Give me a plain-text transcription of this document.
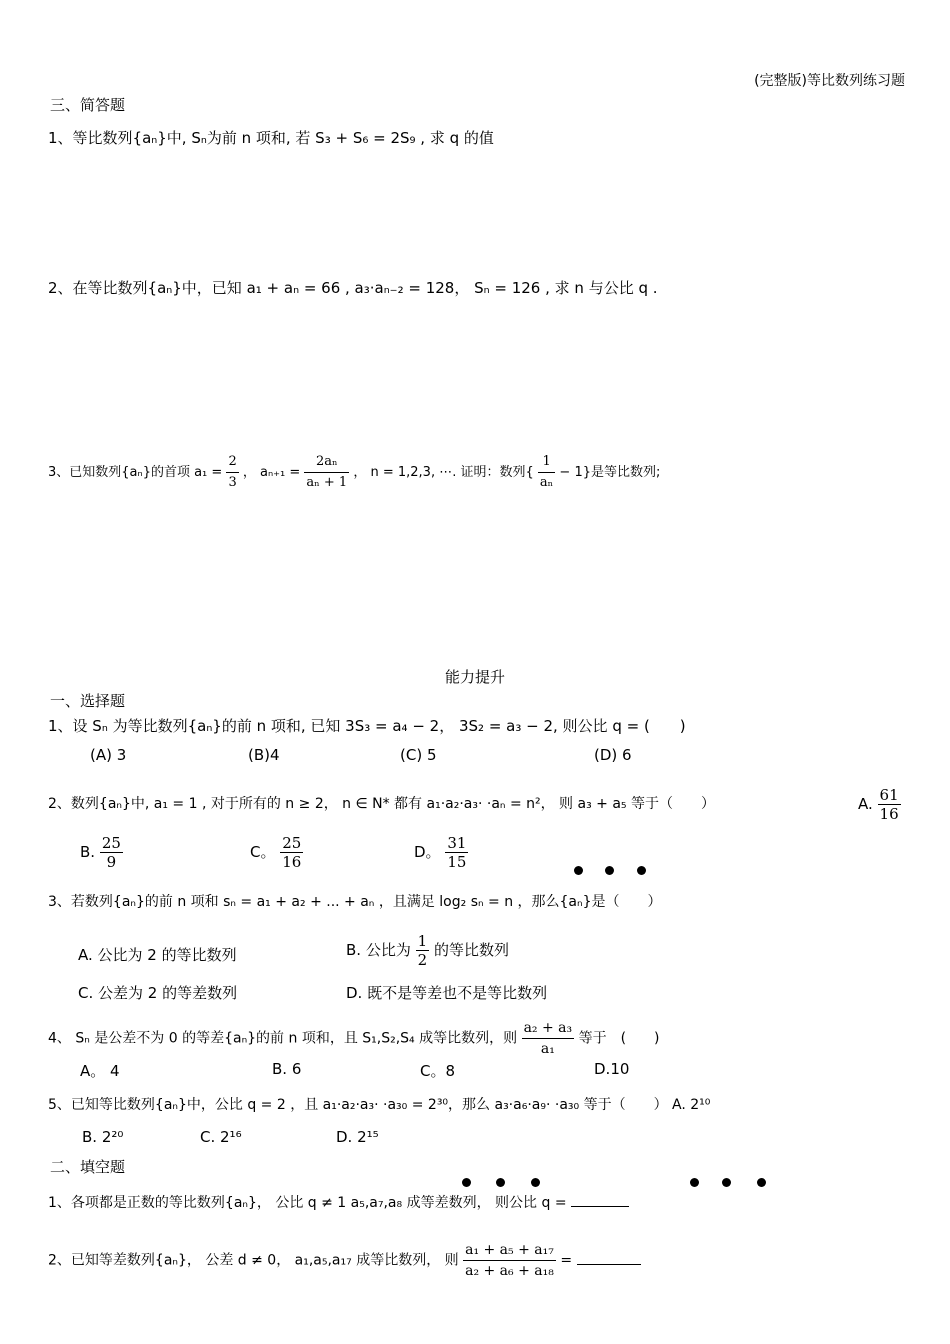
(完整版)等比数列练习题
三、简答题
1、等比数列{aₙ}中, Sₙ为前 n 项和, 若 S₃ + S₆ = 2S₉ , 求 q 的值
2、在等比数列{aₙ}中，已知 a₁ + aₙ = 66 , a₃·aₙ₋₂ = 128， Sₙ = 126 , 求 n 与公比 q .
3、已知数列{aₙ}的首项 $a_1 = \frac{2}{3}$ ， $a_{n+1} = \frac{\text{2aₙ}}{\text{aₙ + 1}}$ ， n = 1,2,3, ⋯. 证明：数列{ $\frac{1}{\text{aₙ}} - 1$}是等比数列;
能力提升
一、选择题
1、设 Sₙ 为等比数列{aₙ}的前 n 项和, 已知 3S₃ = a₄ − 2， 3S₂ = a₃ − 2, 则公比 q = (　　)
(A) 3	(B)4	(C) 5	(D) 6
2、数列{aₙ}中, a₁ = 1 , 对于所有的 n ≥ 2， n ∈ N* 都有 a₁·a₂·a₃· ·aₙ = n²， 则 a₃ + a₅ 等于（　　）	A. $\frac{61}{16}$
B. $\frac{25}{9}$	C。 $\frac{25}{16}$	D。 $\frac{31}{15}$
3、若数列{aₙ}的前 n 项和 sₙ = a₁ + a₂ + ... + aₙ ，且满足 log₂ sₙ = n ，那么{aₙ}是（　　）
A. 公比为 2 的等比数列	B. 公比为 $\frac{1}{2}$ 的等比数列
C. 公差为 2 的等差数列	D. 既不是等差也不是等比数列
4、 Sₙ 是公差不为 0 的等差{aₙ}的前 n 项和，且 S₁,S₂,S₄ 成等比数列，则 $\frac{\text{a₂ + a₃}}{\text{a₁}}$ 等于　(　　)
A。 4	B. 6	C。8	D.10
5、已知等比数列{aₙ}中，公比 q = 2 ，且 a₁·a₂·a₃· ·a₃₀ = 2³⁰，那么 a₃·a₆·a₉· ·a₃₀ 等于（　　） A. 2¹⁰
B. 2²⁰	C. 2¹⁶	D. 2¹⁵
二、填空题
1、各项都是正数的等比数列{aₙ}， 公比 q ≠ 1 a₅,a₇,a₈ 成等差数列， 则公比 q =
2、已知等差数列{aₙ}， 公差 d ≠ 0， a₁,a₅,a₁₇ 成等比数列， 则 $\frac{\text{a₁ + a₅ + a₁₇}}{\text{a₂ + a₆ + a₁₈}}$ =
